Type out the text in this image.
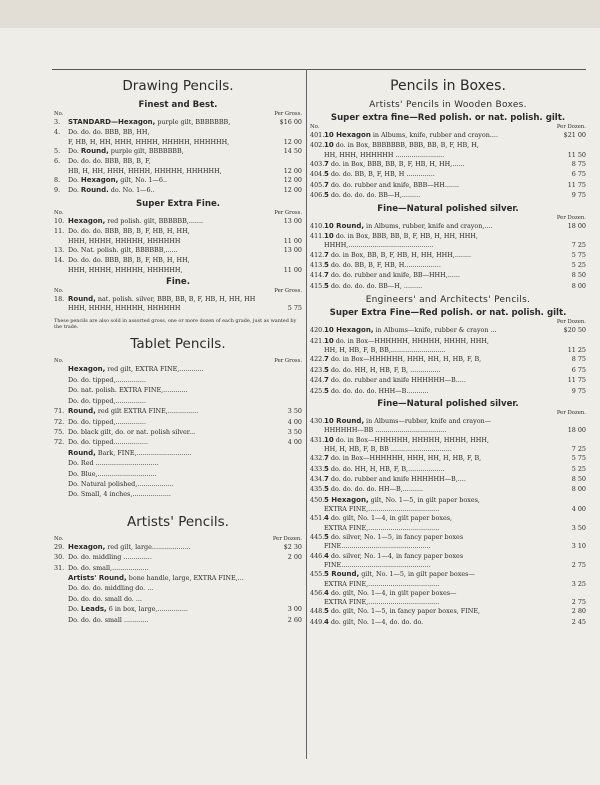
Drawing Pencils.
Finest and Best.
No.	Per Gross.
3.	STANDARD—Hexagon, purple gilt, BBBBBBB,	$16 00
4.	Do. do. do. BBB, BB, HH,
F, HB, H, HH, HHH, HHHH, HHHHH, HHHHHH,	12 00
5.	Do. Round, purple gilt, BBBBBBB,	14 50
6.	Do. do. do. BBB, BB, B, F,
HB, H, HH, HHH, HHHH, HHHHH, HHHHHH,	12 00
8.	Do. Hexagon, gilt, No. 1—6..	12 00
9.	Do. Round. do. No. 1—6..	12 00
Super Extra Fine.
No.	Per Gross.
10. Hexagon, red polish. gilt, BBBBBB,.......	13 00
11. Do. do. do. BBB, BB, B, F, HB, H, HH,
HHH, HHHH, HHHHH, HHHHHH	11 00
13. Do. Nat. polish. gilt, BBBBBB,......	13 00
14. Do. do. do. BBB, BB, B, F, HB, H, HH,
HHH, HHHH, HHHHH, HHHHHH,	11 00
Fine.
No.	Per Gross.
18. Round, nat. polish. silver, BBB, BB, B, F, HB, H, HH, HH
HHH, HHHH, HHHHH, HHHHHH	5 75
These pencils are also sold in assorted gross, one or more dozen of each grade, just as wanted by the trade.
Tablet Pencils.
No.	Per Gross.
Hexagon, red gilt, EXTRA FINE,............
Do. do. tipped,...............
Do. nat. polish. EXTRA FINE,............
Do. do. tipped,...............
71. Round, red gilt EXTRA FINE,...............	3 50
72. Do. do. tipped,...............	4 00
75. Do. black gilt, do. or nat. polish silver...	3 50
72. Do. do. tipped.................	4 00
Round, Bark, FINE,...........................
Do. Red ...............................
Do. Blue,.............................
Do. Natural polished,..................
Do. Small, 4 inches,...................
Artists' Pencils.
No.	Per Dozen.
29. Hexagon, red gilt, large...................	$2 30
30. Do. do. middling ..............	2 00
31. Do. do. small,..................
Artists' Round, bone handle, large, EXTRA FINE,...
Do. do. do. middling do. ...
Do. do. do. small do. ...
Do. Leads, 6 in box, large,...............	3 00
Do. do. do. small ............	2 60
Pencils in Boxes.
Artists' Pencils in Wooden Boxes.
Super extra fine—Red polish. or nat. polish. gilt.
No.	Per Dozen.
401. 10 Hexagon in Albums, knife, rubber and crayon....	$21 00
402. 10 do. in Box, BBBBBBB, BBB, BB, B, F, HB, H,
HH, HHH, HHHHHH ........................	11 50
403. 7 do. in Box, BBB, BB, B, F, HB, H, HH,......	8 75
404. 5 do. do. BB, B, F, HB, H ..............	6 75
405. 7 do. do. rubber and knife, BBB—HH.......	11 75
406. 5 do. do. do. do. BB—H,.........	9 75
Fine—Natural polished silver.
Per Dozen.
410. 10 Round, in Albums, rubber, knife and crayon,....	18 00
411. 10 do. in Box, BBB, BB, B, F, HB, H, HH, HHH,
HHHH,..........................................	7 25
412. 7 do. in Box, BB, B, F, HB, H, HH, HHH,........	5 75
413. 5 do. do. BB, B, F, HB, H..................	5 25
414. 7 do. do. rubber and knife, BB—HHH,......	8 50
415. 5 do. do. do. do. BB—H, .........	8 00
Engineers' and Architects' Pencils.
Super Extra Fine—Red polish. or nat. polish. gilt.
Per Dozen.
420. 10 Hexagon, in Albums—knife, rubber & crayon ...	$20 50
421. 10 do. in Box—HHHHHH, HHHHH, HHHH, HHH,
HH, H, HB, F, B, BB,...........................	11 25
422. 7 do. in Box—HHHHHH, HHH, HH, H, HB, F, B,	8 75
423. 5 do. do. HH, H, HB, F, B, ...............	6 75
424. 7 do. do. rubber and knife HHHHHH—B.....	11 75
425. 5 do. do. do. do. HHH—B...........	9 75
Fine—Natural polished silver.
Per Dozen.
430. 10 Round, in Albums—rubber, knife and crayon—
HHHHHH—BB ...................................	18 00
431. 10 do. in Box—HHHHHH, HHHHH, HHHH, HHH,
HH, H, HB, F, B, BB ..............................	7 25
432. 7 do. in Box—HHHHHH, HHH, HH, H, HB, F, B,	5 75
433. 5 do. do. HH, H, HB, F, B,..................	5 25
434. 7 do. do. rubber and knife HHHHHH—B,....	8 50
435. 5 do. do. do. do. HH—B,..........	8 00
450. 5 Hexagon, gilt, No. 1—5, in gilt paper boxes,
EXTRA FINE,...................................	4 00
451. 4 do. gilt, No. 1—4, in gilt paper boxes,
EXTRA FINE,...................................	3 50
445. 5 do. silver, No. 1—5, in fancy paper boxes
FINE............................................	3 10
446. 4 do. silver, No. 1—4, in fancy paper boxes
FINE............................................	2 75
455. 5 Round, gilt, No. 1—5, in gilt paper boxes—
EXTRA FINE,...................................	3 25
456. 4 do. gilt, No. 1—4, in gilt paper boxes—
EXTRA FINE,...................................	2 75
448. 5 do. gilt, No. 1—5, in fancy paper boxes, FINE,	2 80
449. 4 do. gilt, No. 1—4, do. do. do.	2 45
